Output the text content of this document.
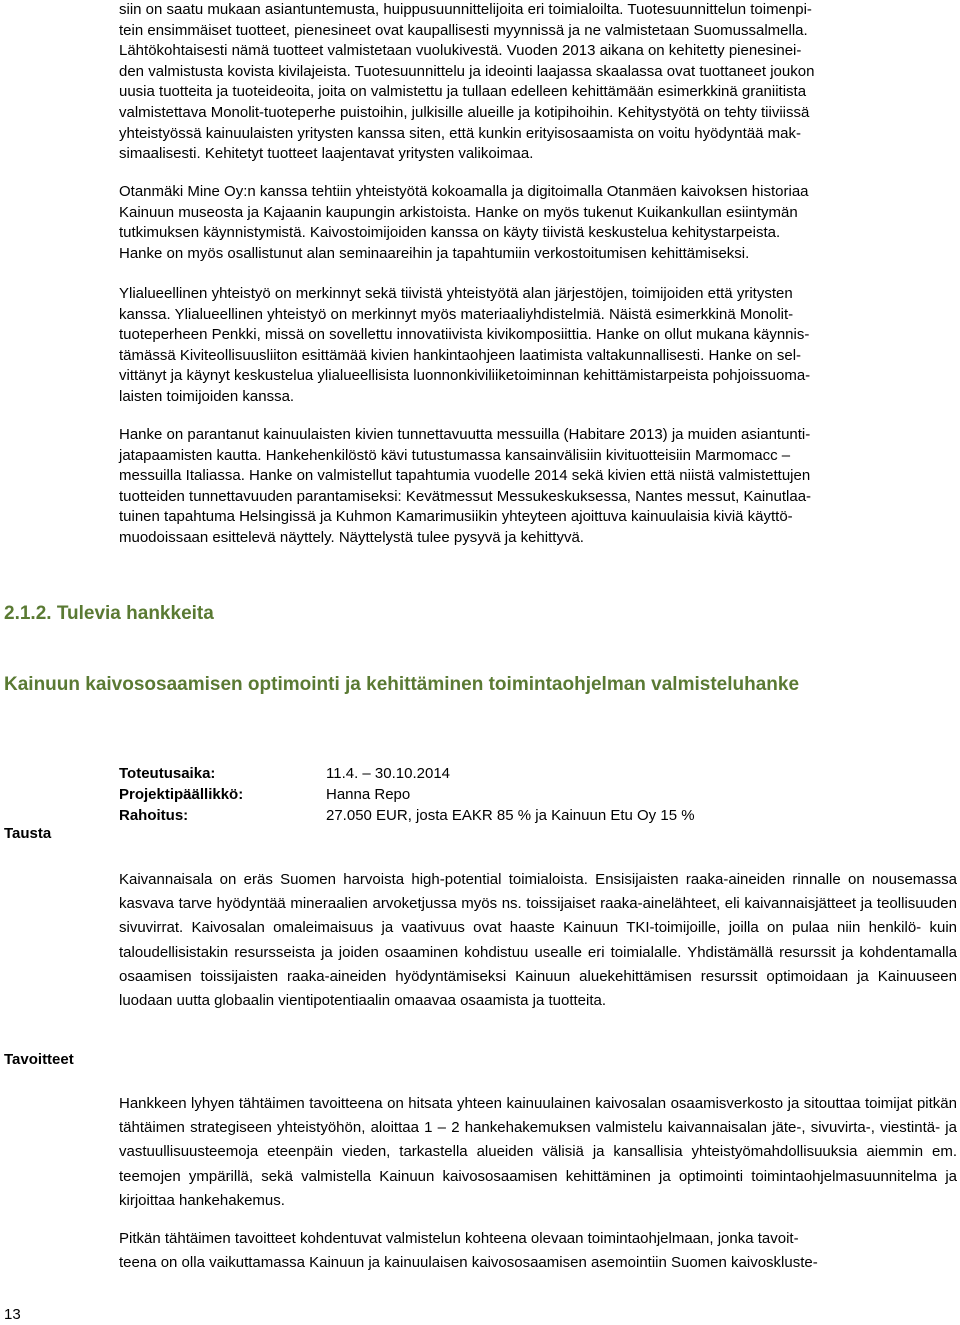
siin on saatu mukaan asiantuntemusta, huippusuunnittelijoita eri toimialoilta. Tuotesuunnittelun toimenpi-

tein ensimmäiset tuotteet, pienesineet ovat kaupallisesti myynnissä ja ne valmistetaan Suomussalmella.

Lähtökohtaisesti nämä tuotteet valmistetaan vuolukivestä. Vuoden 2013 aikana on kehitetty pienesinei-

den valmistusta kovista kivilajeista. Tuotesuunnittelu ja ideointi laajassa skaalassa ovat tuottaneet joukon

uusia tuotteita ja tuoteideoita, joita on valmistettu ja tullaan edelleen kehittämään esimerkkinä graniitista

valmistettava Monolit-tuoteperhe puistoihin, julkisille alueille ja kotipihoihin. Kehitystyötä on tehty tiiviissä

yhteistyössä kainuulaisten yritysten kanssa siten, että kunkin erityisosaamista on voitu hyödyntää mak-

simaalisesti. Kehitetyt tuotteet laajentavat yritysten valikoimaa.

Otanmäki Mine Oy:n kanssa tehtiin yhteistyötä kokoamalla ja digitoimalla Otanmäen kaivoksen historiaa

Kainuun museosta ja Kajaanin kaupungin arkistoista. Hanke on myös tukenut Kuikankullan esiintymän

tutkimuksen käynnistymistä. Kaivostoimijoiden kanssa on käyty tiivistä keskustelua kehitystarpeista.

Hanke on myös osallistunut alan seminaareihin ja tapahtumiin verkostoitumisen kehittämiseksi.

Ylialueellinen yhteistyö on merkinnyt sekä tiivistä yhteistyötä alan järjestöjen, toimijoiden että yritysten

kanssa. Ylialueellinen yhteistyö on merkinnyt myös materiaaliyhdistelmiä. Näistä esimerkkinä Monolit-

tuoteperheen Penkki, missä on sovellettu innovatiivista kivikomposiittia. Hanke on ollut mukana käynnis-

tämässä Kiviteollisuusliiton esittämää kivien hankintaohjeen laatimista valtakunnallisesti. Hanke on sel-

vittänyt ja käynyt keskustelua ylialueellisista luonnonkiviliiketoiminnan kehittämistarpeista pohjoissuoma-

laisten toimijoiden kanssa.

Hanke on parantanut kainuulaisten kivien tunnettavuutta messuilla (Habitare 2013) ja muiden asiantunti-

jatapaamisten kautta. Hankehenkilöstö kävi tutustumassa kansainvälisiin kivituotteisiin Marmomacc –

messuilla Italiassa. Hanke on valmistellut tapahtumia vuodelle 2014 sekä kivien että niistä valmistettujen

tuotteiden tunnettavuuden parantamiseksi: Kevätmessut Messukeskuksessa, Nantes messut, Kainutlaa-

tuinen tapahtuma Helsingissä ja Kuhmon Kamarimusiikin yhteyteen ajoittuva kainuulaisia kiviä käyttö-

muodoissaan esittelevä näyttely. Näyttelystä tulee pysyvä ja kehittyvä.

2.1.2. Tulevia hankkeita
Kainuun kaivososaamisen optimointi ja kehittäminen toimintaohjelman valmisteluhanke
Toteutusaika:	11.4. – 30.10.2014
Projektipäällikkö:	Hanna Repo
Rahoitus:	27.050 EUR, josta EAKR 85 % ja Kainuun Etu Oy 15 %

Tausta

Kaivannaisala on eräs Suomen harvoista high-potential toimialoista. Ensisijaisten raaka-aineiden rinnalle on nousemassa kasvava tarve hyödyntää mineraalien arvoketjussa myös ns. toissijaiset raaka-ainelähteet, eli kaivannaisjätteet ja teollisuuden sivuvirrat. Kaivosalan omaleimaisuus ja vaativuus ovat haaste Kainuun TKI-toimijoille, joilla on pulaa niin henkilö- kuin taloudellisistakin resursseista ja joiden osaaminen kohdistuu usealle eri toimialalle. Yhdistämällä resurssit ja kohdentamalla osaamisen toissijaisten raaka-aineiden hyödyntämiseksi Kainuun aluekehittämisen resurssit optimoidaan ja Kainuuseen luodaan uutta globaalin vientipotentiaalin omaavaa osaamista ja tuotteita.

Tavoitteet

Hankkeen lyhyen tähtäimen tavoitteena on hitsata yhteen kainuulainen kaivosalan osaamisverkosto ja sitouttaa toimijat pitkän tähtäimen strategiseen yhteistyöhön, aloittaa 1 – 2 hankehakemuksen valmistelu kaivannaisalan jäte-, sivuvirta-, viestintä- ja vastuullisuusteemoja eteenpäin vieden, tarkastella alueiden välisiä ja kansallisia yhteistyömahdollisuuksia aiemmin em. teemojen ympärillä, sekä valmistella Kainuun kaivososaamisen kehittäminen ja optimointi toimintaohjelmasuunnitelma ja kirjoittaa hankehakemus.

Pitkän tähtäimen tavoitteet kohdentuvat valmistelun kohteena olevaan toimintaohjelmaan, jonka tavoit-

teena on olla vaikuttamassa Kainuun ja kainuulaisen kaivososaamisen asemointiin Suomen kaivoskluste-

13
